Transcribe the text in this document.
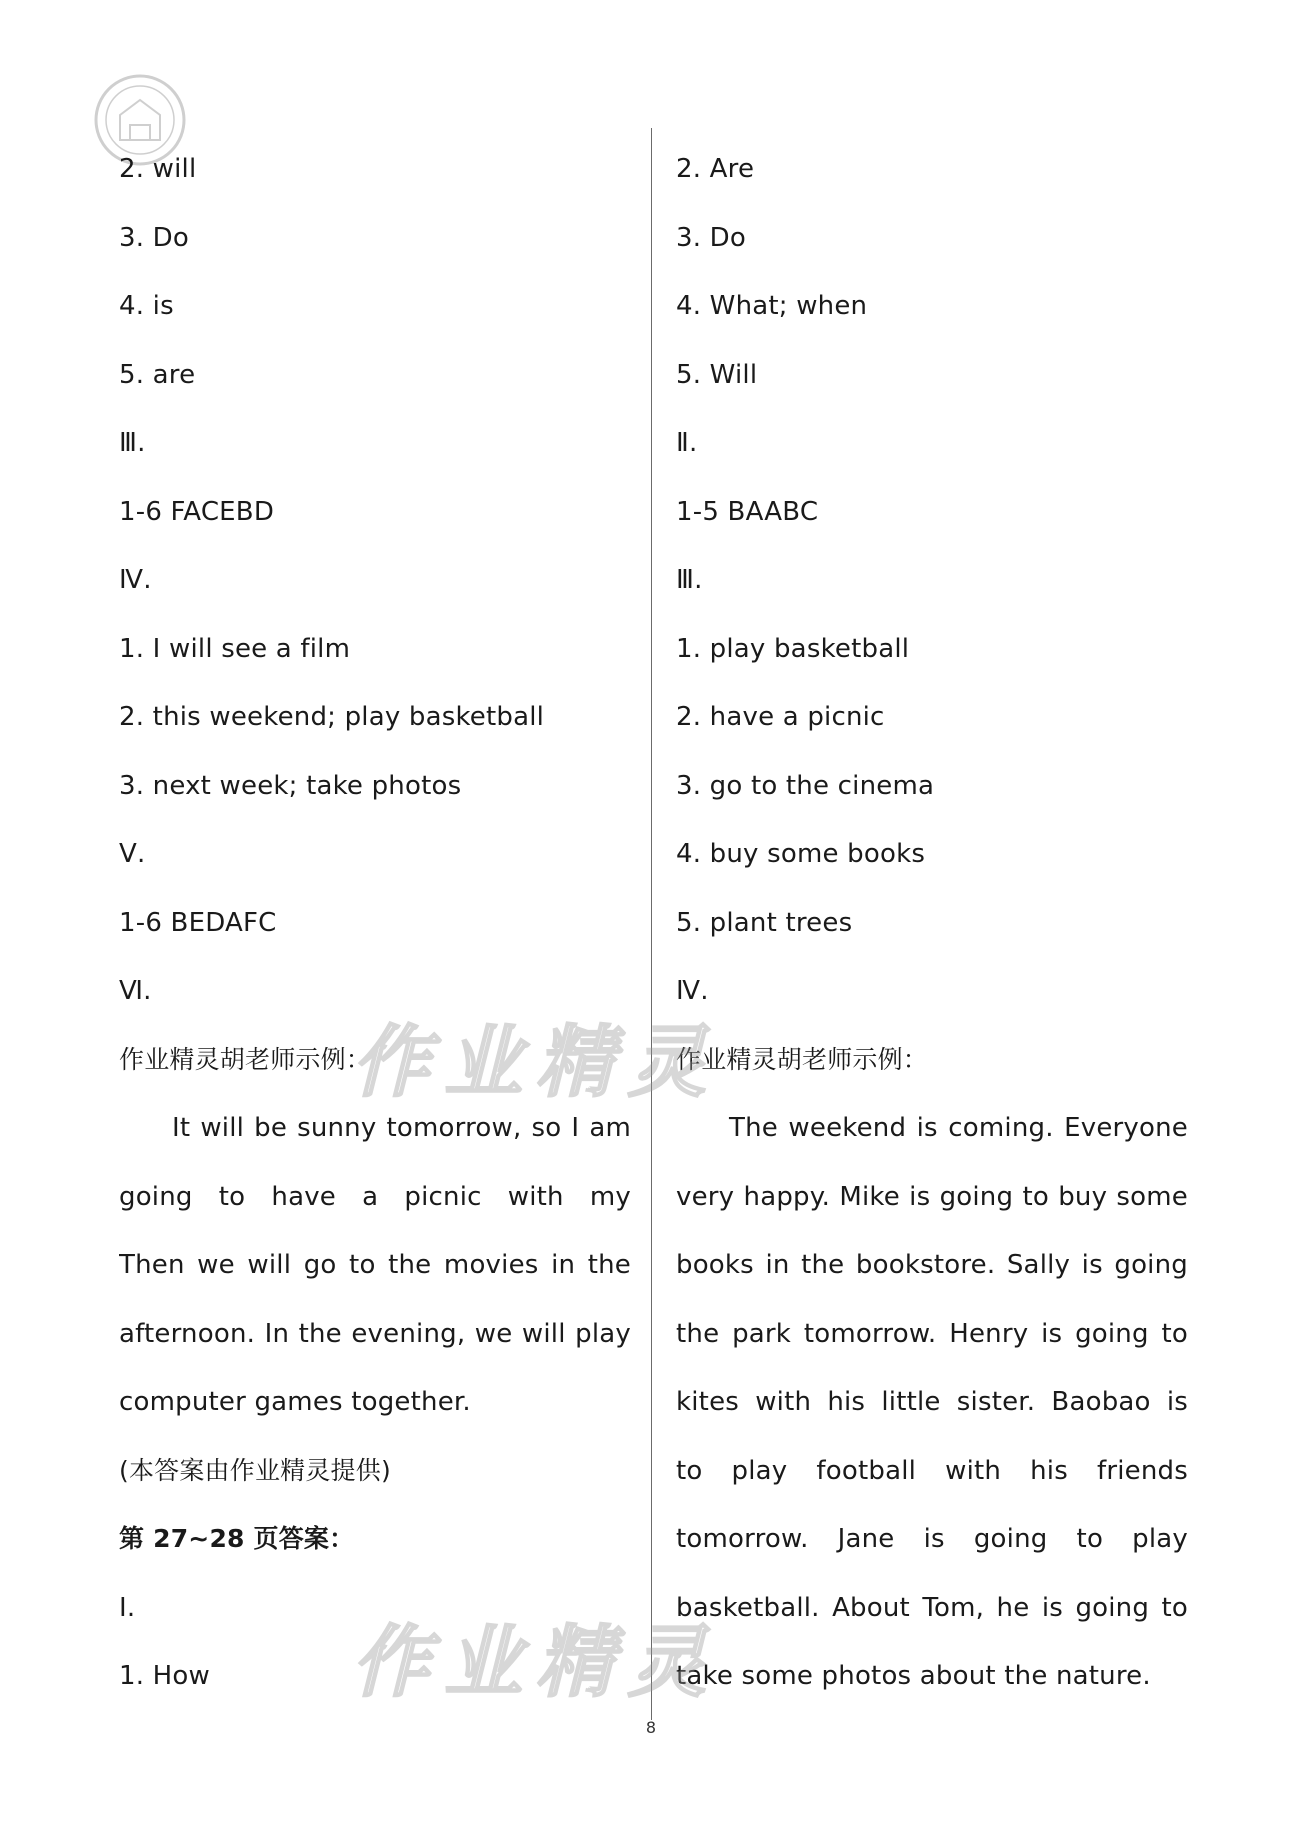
2. will
3. Do
4. is
5. are
Ⅲ.
1-6 FACEBD
Ⅳ.
1. I will see a film
2. this weekend; play basketball
3. next week; take photos
Ⅴ.
1-6 BEDAFC
Ⅵ.
作业精灵胡老师示例：
It will be sunny tomorrow, so I am
going to have a picnic with my
Then we will go to the movies in the
afternoon. In the evening, we will play
computer games together.
(本答案由作业精灵提供)
第 27~28 页答案：
Ⅰ.
1. How
2. Are
3. Do
4. What; when
5. Will
Ⅱ.
1-5 BAABC
Ⅲ.
1. play basketball
2. have a picnic
3. go to the cinema
4. buy some books
5. plant trees
Ⅳ.
作业精灵胡老师示例：
The weekend is coming. Everyone
very happy. Mike is going to buy some
books in the bookstore. Sally is going
the park tomorrow. Henry is going to
kites with his little sister. Baobao is
to play football with his friends
tomorrow. Jane is going to play
basketball. About Tom, he is going to
take some photos about the nature.
作业精灵
作业精灵
8
